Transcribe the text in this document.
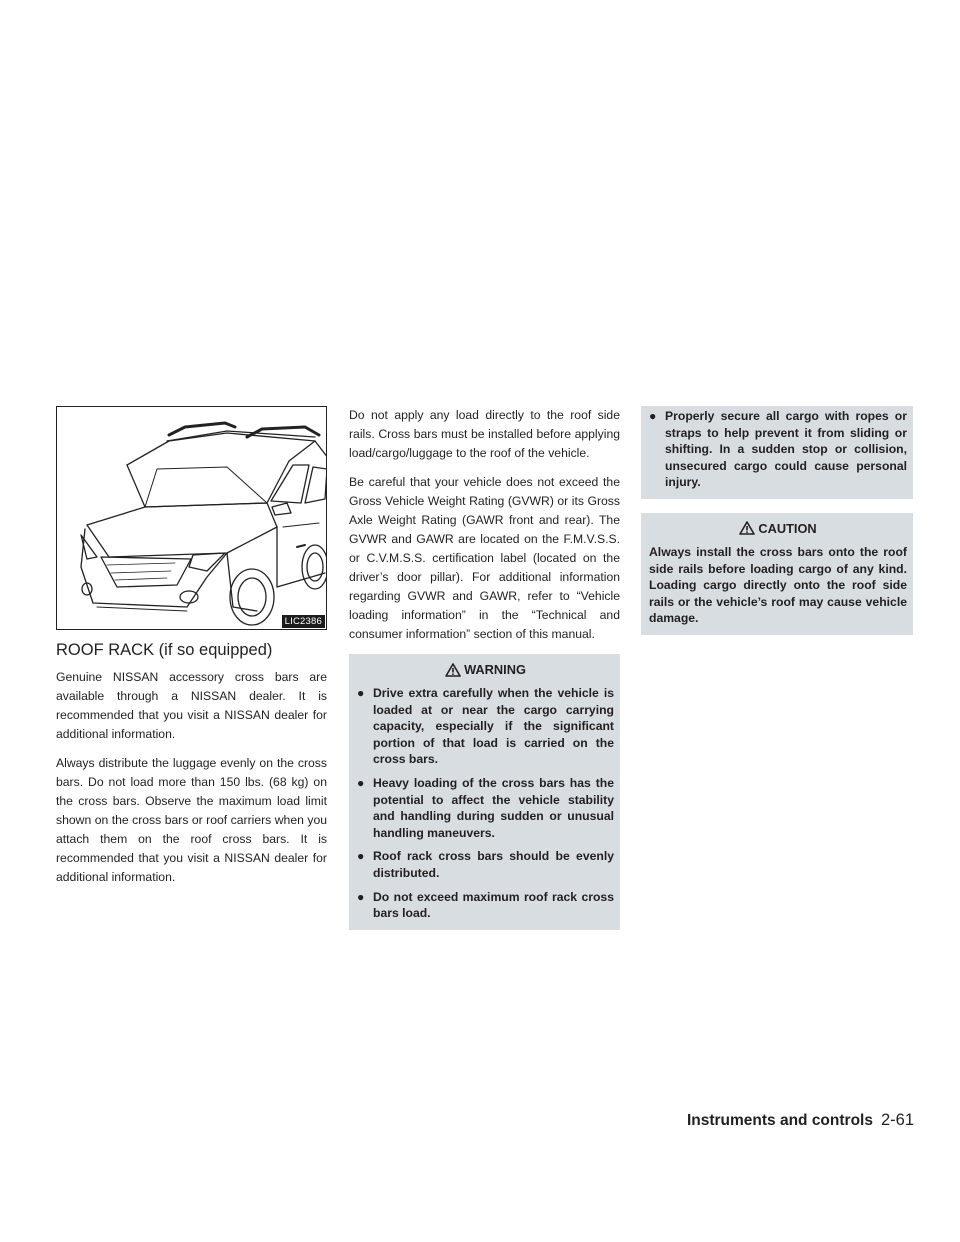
LIC2386
ROOF RACK (if so equipped)

Genuine NISSAN accessory cross bars are available through a NISSAN dealer. It is recommended that you visit a NISSAN dealer for additional information.

Always distribute the luggage evenly on the cross bars. Do not load more than 150 lbs. (68 kg) on the cross bars. Observe the maximum load limit shown on the cross bars or roof carriers when you attach them on the roof cross bars. It is recommended that you visit a NISSAN dealer for additional information.

Do not apply any load directly to the roof side rails. Cross bars must be installed before applying load/cargo/luggage to the roof of the vehicle.

Be careful that your vehicle does not exceed the Gross Vehicle Weight Rating (GVWR) or its Gross Axle Weight Rating (GAWR front and rear). The GVWR and GAWR are located on the F.M.V.S.S. or C.V.M.S.S. certification label (located on the driver’s door pillar). For additional information regarding GVWR and GAWR, refer to “Vehicle loading information” in the “Technical and consumer information” section of this manual.

WARNING
● Drive extra carefully when the vehicle is loaded at or near the cargo carrying capacity, especially if the significant portion of that load is carried on the cross bars.
● Heavy loading of the cross bars has the potential to affect the vehicle stability and handling during sudden or unusual handling maneuvers.
● Roof rack cross bars should be evenly distributed.
● Do not exceed maximum roof rack cross bars load.
● Properly secure all cargo with ropes or straps to help prevent it from sliding or shifting. In a sudden stop or collision, unsecured cargo could cause personal injury.
CAUTION

Always install the cross bars onto the roof side rails before loading cargo of any kind. Loading cargo directly onto the roof side rails or the vehicle’s roof may cause vehicle damage.

Instruments and controls 2-61
